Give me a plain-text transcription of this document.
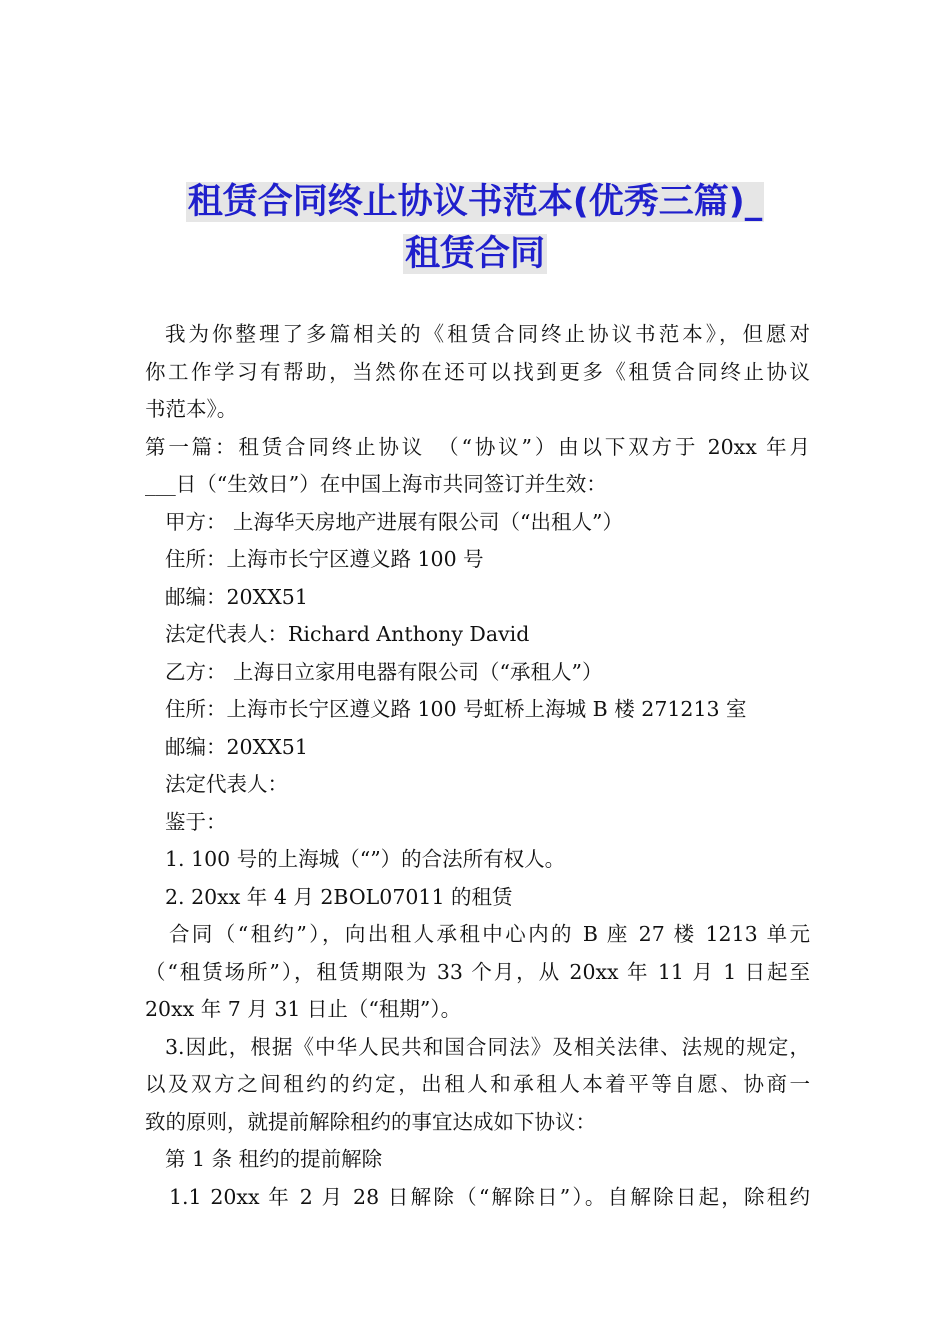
租赁合同终止协议书范本(优秀三篇)_
租赁合同
我为你整理了多篇相关的《租赁合同终止协议书范本》，但愿对
你工作学习有帮助，当然你在还可以找到更多《租赁合同终止协议
书范本》。
第一篇：租赁合同终止协议　（“协议”）由以下双方于 20xx 年月
___日（“生效日”）在中国上海市共同签订并生效：
甲方： 上海华天房地产进展有限公司（“出租人”）
住所：上海市长宁区遵义路 100 号
邮编：20XX51
法定代表人：Richard Anthony David
乙方： 上海日立家用电器有限公司（“承租人”）
住所：上海市长宁区遵义路 100 号虹桥上海城 B 楼 271213 室
邮编：20XX51
法定代表人：
鉴于：
1. 100 号的上海城（“”）的合法所有权人。
2. 20xx 年 4 月 2BOL07011 的租赁
合同（“租约”），向出租人承租中心内的 B 座 27 楼 1213 单元
（“租赁场所”），租赁期限为 33 个月，从 20xx 年 11 月 1 日起至
20xx 年 7 月 31 日止（“租期”）。
3.因此，根据《中华人民共和国合同法》及相关法律、法规的规定，
以及双方之间租约的约定，出租人和承租人本着平等自愿、协商一
致的原则，就提前解除租约的事宜达成如下协议：
第 1 条 租约的提前解除
1.1 20xx 年 2 月 28 日解除（“解除日”）。自解除日起，除租约
